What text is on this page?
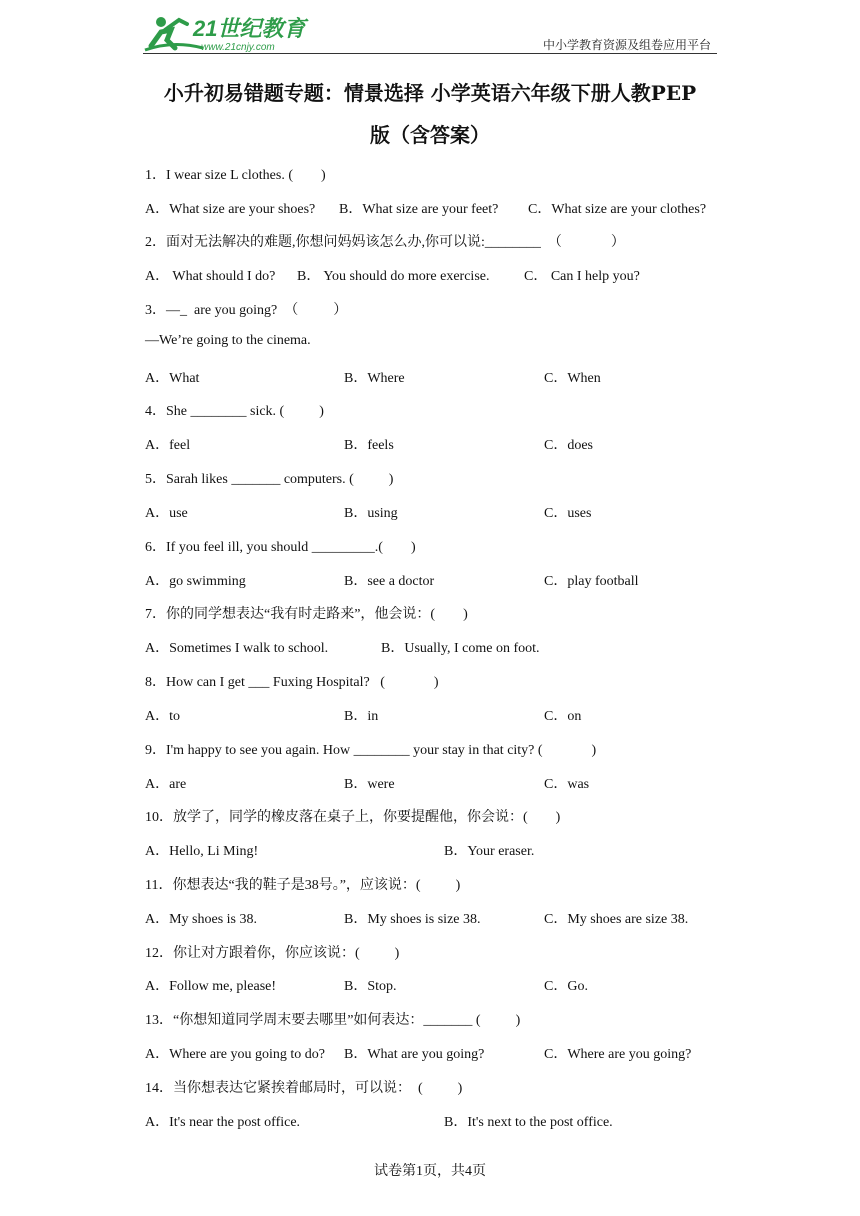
21世纪教育
www.21cnjy.com	中小学教育资源及组卷应用平台
小升初易错题专题：情景选择 小学英语六年级下册人教PEP
版（含答案）
1．I wear size L clothes. (        )
A．What size are your shoes? B．What size are your feet? C．What size are your clothes?
2．面对无法解决的难题,你想问妈妈该怎么办,你可以说:________  （              ）
A． What should I do? B． You should do more exercise. C． Can I help you?
3．—_  are you going?  （          ）
—We’re going to the cinema.
A．What	B．Where	C．When
4．She ________ sick. (          )
A．feel	B．feels	C．does
5．Sarah likes _______ computers. (          )
A．use	B．using	C．uses
6．If you feel ill, you should _________.(        )
A．go swimming	B．see a doctor	C．play football
7．你的同学想表达“我有时走路来”，他会说：(        )
A．Sometimes I walk to school.	B．Usually, I come on foot.
8．How can I get ___ Fuxing Hospital?   (              )
A．to	B．in	C．on
9．I'm happy to see you again. How ________ your stay in that city? (              )
A．are	B．were	C．was
10．放学了，同学的橡皮落在桌子上，你要提醒他，你会说：(        )
A．Hello, Li Ming!	B．Your eraser.
11．你想表达“我的鞋子是38号。”，应该说：(          )
A．My shoes is 38.	B．My shoes is size 38.	C．My shoes are size 38.
12．你让对方跟着你，你应该说：(          )
A．Follow me, please!	B．Stop.	C．Go.
13．“你想知道同学周末要去哪里”如何表达：_______ (          )
A．Where are you going to do? B．What are you going?	C．Where are you going?
14．当你想表达它紧挨着邮局时，可以说：  (          )
A．It's near the post office.	B．It's next to the post office.
试卷第1页，共4页
